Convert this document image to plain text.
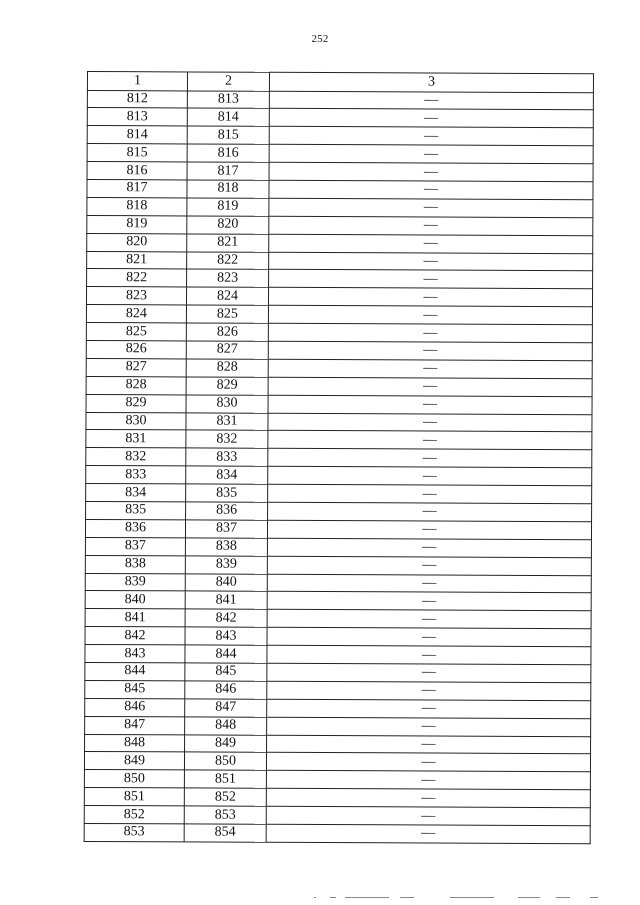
252
1	2	3
812	813	—
813	814	—
814	815	—
815	816	—
816	817	—
817	818	—
818	819	—
819	820	—
820	821	—
821	822	—
822	823	—
823	824	—
824	825	—
825	826	—
826	827	—
827	828	—
828	829	—
829	830	—
830	831	—
831	832	—
832	833	—
833	834	—
834	835	—
835	836	—
836	837	—
837	838	—
838	839	—
839	840	—
840	841	—
841	842	—
842	843	—
843	844	—
844	845	—
845	846	—
846	847	—
847	848	—
848	849	—
849	850	—
850	851	—
851	852	—
852	853	—
853	854	—
